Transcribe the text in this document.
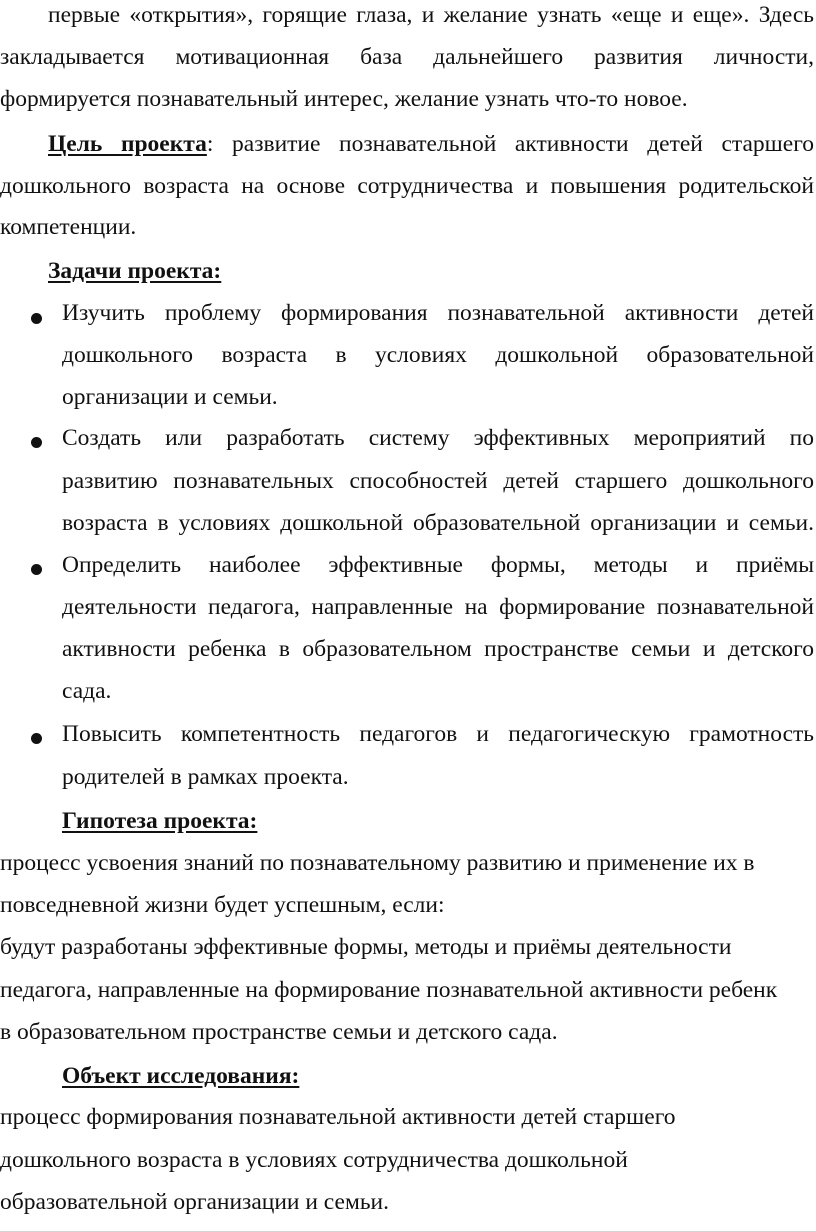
первые «открытия», горящие глаза, и желание узнать «еще и еще». Здесь
закладывается мотивационная база дальнейшего развития личности,
формируется познавательный интерес, желание узнать что-то новое.
Цель проекта: развитие познавательной активности детей старшего
дошкольного возраста на основе сотрудничества и повышения родительской
компетенции.
Задачи проекта:
Изучить проблему формирования познавательной активности детей
дошкольного возраста в условиях дошкольной образовательной
организации и семьи.
Создать или разработать систему эффективных мероприятий по
развитию познавательных способностей детей старшего дошкольного
возраста в условиях дошкольной образовательной организации и семьи.
Определить наиболее эффективные формы, методы и приёмы
деятельности педагога, направленные на формирование познавательной
активности ребенка в образовательном пространстве семьи и детского
сада.
Повысить компетентность педагогов и педагогическую грамотность
родителей в рамках проекта.
Гипотеза проекта:
процесс усвоения знаний по познавательному развитию и применение их в
повседневной жизни будет успешным, если:
будут разработаны эффективные формы, методы и приёмы деятельности
педагога, направленные на формирование познавательной активности ребенк
в образовательном пространстве семьи и детского сада.
Объект исследования:
процесс формирования познавательной активности детей старшего
дошкольного возраста в условиях сотрудничества дошкольной
образовательной организации и семьи.
